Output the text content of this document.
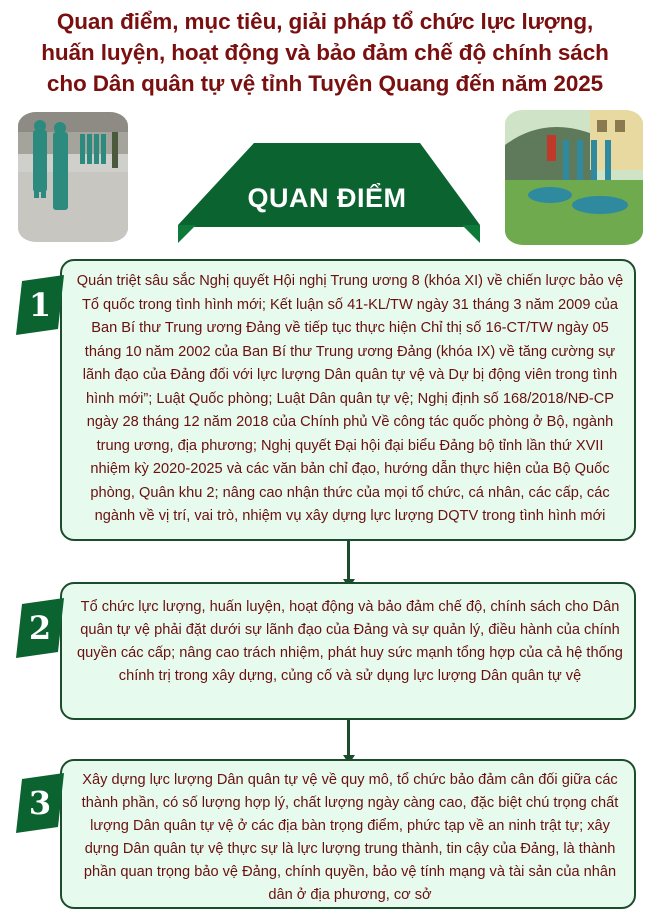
Quan điểm, mục tiêu, giải pháp tổ chức lực lượng,
huấn luyện, hoạt động và bảo đảm chế độ chính sách
cho Dân quân tự vệ tỉnh Tuyên Quang đến năm 2025
QUAN ĐIỂM
Quán triệt sâu sắc Nghị quyết Hội nghị Trung ương 8 (khóa XI) về chiến lược bảo vệ Tổ quốc trong tình hình mới; Kết luận số 41-KL/TW ngày 31 tháng 3 năm 2009 của Ban Bí thư Trung ương Đảng về tiếp tục thực hiện Chỉ thị số 16-CT/TW ngày 05 tháng 10 năm 2002 của Ban Bí thư Trung ương Đảng (khóa IX) về tăng cường sự lãnh đạo của Đảng đối với lực lượng Dân quân tự vệ và Dự bị động viên trong tình hình mới”; Luật Quốc phòng; Luật Dân quân tự vệ; Nghị định số 168/2018/NĐ-CP ngày 28 tháng 12 năm 2018 của Chính phủ Về công tác quốc phòng ở Bộ, ngành trung ương, địa phương; Nghị quyết Đại hội đại biểu Đảng bộ tỉnh lần thứ XVII nhiệm kỳ 2020-2025 và các văn bản chỉ đạo, hướng dẫn thực hiện của Bộ Quốc phòng, Quân khu 2; nâng cao nhận thức của mọi tổ chức, cá nhân, các cấp, các ngành về vị trí, vai trò, nhiệm vụ xây dựng lực lượng DQTV trong tình hình mới
1
Tổ chức lực lượng, huấn luyện, hoạt động và bảo đảm chế độ, chính sách cho Dân quân tự vệ phải đặt dưới sự lãnh đạo của Đảng và sự quản lý, điều hành của chính quyền các cấp; nâng cao trách nhiệm, phát huy sức mạnh tổng hợp của cả hệ thống chính trị trong xây dựng, củng cố và sử dụng lực lượng Dân quân tự vệ
2
Xây dựng lực lượng Dân quân tự vệ về quy mô, tổ chức bảo đảm cân đối giữa các thành phần, có số lượng hợp lý, chất lượng ngày càng cao, đặc biệt chú trọng chất lượng Dân quân tự vệ ở các địa bàn trọng điểm, phức tạp về an ninh trật tự; xây dựng Dân quân tự vệ thực sự là lực lượng trung thành, tin cậy của Đảng, là thành phần quan trọng bảo vệ Đảng, chính quyền, bảo vệ tính mạng và tài sản của nhân dân ở địa phương, cơ sở
3
